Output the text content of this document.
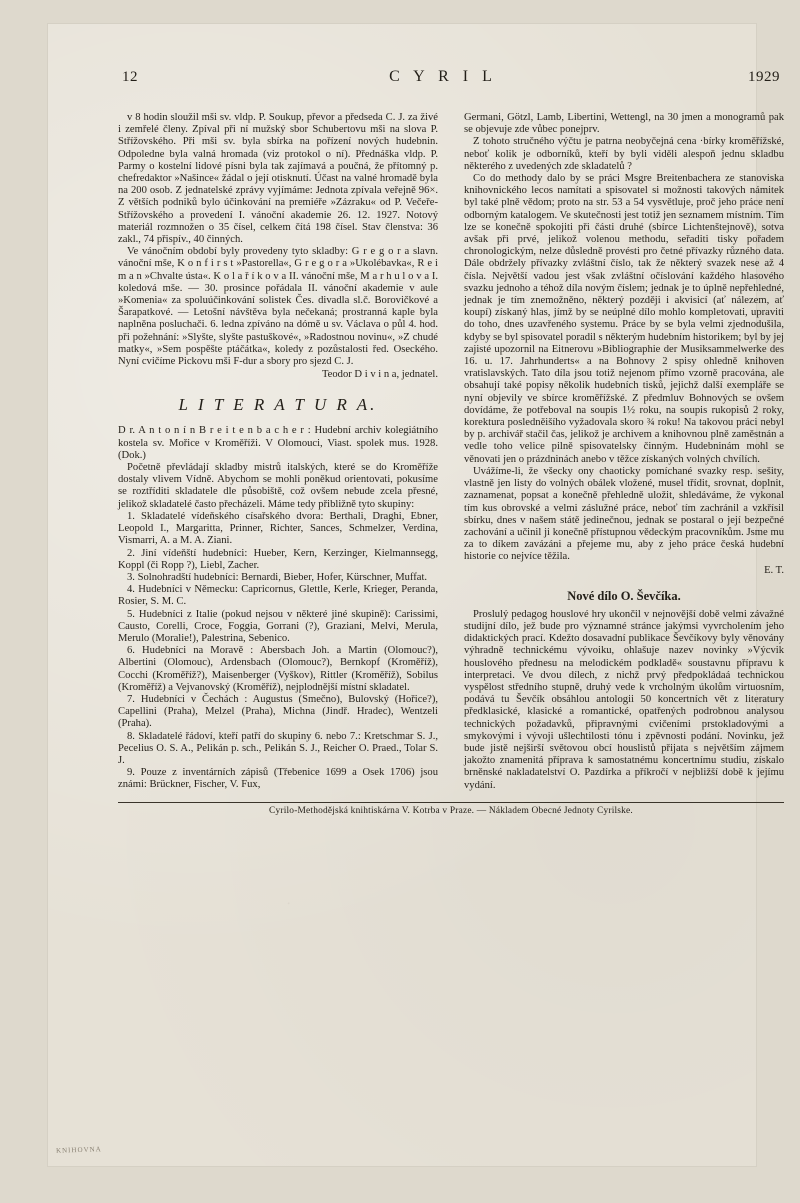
12	C Y R I L	1929

v 8 hodin sloužil mši sv. vldp. P. Soukup, převor a předsedа C. J. za živé i zemřelé členy. Zpíval při ní mužský sbor Schubertovu mši na slova P. Střížovského. Při mši sv. byla sbírka na pořízení nových hudebnin. Odpoledne byla valná hromada (viz protokol o ní). Přednáška vldp. P. Parmy o kostelní lidové písni byla tak zajímavá a poučná, že přítomný p. chefredaktor »Našince« žádal o její otisknutí. Účast na valné hromadě byla na 200 osob. Z jednatelské zprávy vyjímáme: Jednota zpívala veřejně 96×. Z větších podniků bylo účinkování na premiéře »Zázraku« od P. Večeře-Střížovského a provedení I. vánoční akademie 26. 12. 1927. Notový materiál rozmnožen o 35 čísel, celkem čítá 198 čísel. Stav členstva: 36 zakl., 74 přispív., 40 činných.

Ve vánočním období byly provedeny tyto skladby: G r e g o r a slavn. vánoční mše, K o n f i r s t »Pastorella«, G r e g o r a »Ukolébavka«, R e i m a n »Chvalte ústa«. K o l a ř í k o v a II. vánoční mše, M a r h u l o v a I. koledová mše. — 30. prosince pořádala II. vánoční akademie v aule »Komenia« za spoluúčinkování solistek Čes. divadla sl.č. Borovičkové a Šarapatkové. — Letošní návštěva byla nečekaná; prostranná kaple byla naplněna posluchači. 6. ledna zpíváno na dómě u sv. Václava o půl 4. hod. při požehnání: »Slyšte, slyšte pastuškové«, »Radostnou novinu«, »Z chudé matky«, »Sem pospěšte ptáčátka«, koledy z pozůstalosti řed. Oseckého. Nyní cvičíme Pickovu mši F-dur a sbory pro sjezd C. J.

Teodor D i v i n a, jednatel.

L I T E R A T U R A.

D r. A n t o n í n B r e i t e n b a c h e r : Hudební archiv kolegiátního kostela sv. Mořice v Kroměříži. V Olomouci, Viast. spolek mus. 1928. (Dok.)

Početně převládají skladby mistrů italských, které se do Kroměříže dostaly vlivem Vídně. Abychom se mohli poněkud orientovati, pokusíme se roztříditi skladatele dle působiště, což ovšem nebude zcela přesné, jelikož skladatelé často přecházeli. Máme tedy přibližně tyto skupiny:

1. Skladatelé vídeňského císařského dvora: Berthali, Draghi, Ebner, Leopold I., Margaritta, Prinner, Richter, Sances, Schmelzer, Verdina, Vismarri, A. a M. A. Ziani.

2. Jiní vídeňští hudebníci: Hueber, Kern, Kerzinger, Kielmannsegg, Koppl (či Ropp ?), Liebl, Zacher.

3. Solnohradští hudebníci: Bernardi, Bieber, Hofer, Kürschner, Muffat.

4. Hudebníci v Německu: Capricornus, Glettle, Kerle, Krieger, Peranda, Rosier, S. M. C.

5. Hudebníci z Italie (pokud nejsou v některé jiné skupině): Carissimi, Causto, Corelli, Croce, Foggia, Gorrani (?), Graziani, Melvi, Merula, Merulo (Moralie!), Palestrina, Sebenico.

6. Hudebníci na Moravě : Abersbach Joh. a Martin (Olomouc?), Albertini (Olomouc), Ardensbach (Olomouc?), Bernkopf (Kroměříž), Cocchi (Kroměříž?), Maisenberger (Vyškov), Rittler (Kroměříž), Sobilus (Kroměříž) a Vejvanovský (Kroměříž), nejplodnější místní skladatel.

7. Hudebníci v Čechách : Augustus (Smečno), Bulovský (Hořice?), Capellini (Praha), Melzel (Praha), Michna (Jindř. Hradec), Wentzeli (Praha).

8. Skladatelé řádoví, kteří patří do skupiny 6. nebo 7.: Kretschmar S. J., Pecelius O. S. A., Pelikán p. sch., Pelikán S. J., Reicher O. Praed., Tolar S. J.

9. Pouze z inventárních zápisů (Třebenice 1699 a Osek 1706) jsou známi: Brückner, Fischer, V. Fux,

Germani, Götzl, Lamb, Libertini, Wettengl, na 30 jmen a monogramů pak se objevuje zde vůbec ponejprv.

Z tohoto stručného výčtu je patrna neobyčejná cena ·bírky kroměřížské, neboť kolik je odborníků, kteří by byli viděli alespoň jednu skladbu některého z uvedených zde skladatelů ?

Co do methody dalo by se práci Msgre Breitenbachera ze stanoviska knihovnického lecos namítati a spisovatel si možnosti takových námitek byl také plně vědom; proto na str. 53 a 54 vysvětluje, proč jeho práce není odborným katalogem. Ve skutečnosti jest totiž jen seznamem místním. Tím lze se konečně spokojiti při části druhé (sbírce Lichtenštejnově), sotva avšak při prvé, jelikož volenou methodu, seřaditi tisky pořadem chronologickým, nelze důsledně provésti pro četné přívazky různého data. Dále obdržely přívazky zvláštní číslo, tak že některý svazek nese až 4 čísla. Největší vadou jest však zvláštní očíslování každého hlasového svazku jednoho a téhož díla novým číslem; jednak je to úplně nepřehledné, jednak je tím znemožněno, některý později i akvisicí (ať nálezem, ať koupí) získaný hlas, jímž by se neúplné dílo mohlo kompletovati, upraviti do toho, dnes uzavřeného systemu. Práce by se byla velmi zjednodušila, kdyby se byl spisovatel poradil s některým hudebním historikem; byl by jej zajisté upozornil na Eitnerovu »Bibliographie der Musiksammelwerke des 16. u. 17. Jahrhunderts« a na Bohnovy 2 spisy ohledně knihoven vratislavských. Tato díla jsou totiž nejenom přímo vzorně pracována, ale obsahují také popisy několik hudebních tisků, jejichž další exempláře se nyní objevily ve sbírce kroměřížské. Z předmluv Bohnových se ovšem dovídáme, že potřeboval na soupis 1½ roku, na soupis rukopisů 2 roky, korektura posledněišího vyžadovala skoro ¾ roku! Na takovou práci nebyl by p. archivář stačil čas, jelikož je archivem a knihovnou plně zaměstnán a vedle toho velice pilně spisovatelsky činným. Hudebninám mohl se věnovati jen o prázdninách anebo v těžce získaných volných chvílích.

Uvážíme-li, že všecky ony chaoticky pomíchané svazky resp. sešity, vlastně jen listy do volných obálek vložené, musel třídit, srovnat, doplnit, zaznamenat, popsat a konečně přehledně uložit, shledáváme, že vykonal tím kus obrovské a velmi záslužné práce, neboť tím zachránil a vzkřísil sbírku, dnes v našem státě jedinečnou, jednak se postaral o její bezpečné zachování a učinil ji konečně přístupnou vědeckým pracovníkům. Jsme mu za to díkem zavázáni a přejeme mu, aby z jeho práce česká hudební historie co nejvíce těžila.

E. T.

Nové dílo O. Ševčíka.

Proslulý pedagog houslové hry ukončil v nejnovější době velmi závažné studijní dílo, jež bude pro významné stránce jakýmsi vyvrcholením jeho didaktických prací. Kdežto dosavadní publikace Ševčíkovy byly věnovány výhradně technickému vývoiku, ohlašuje nazev novinky »Výcvik houslového přednesu na melodickém podkladě« soustavnu přípravu k interpretaci. Ve dvou dílech, z nichž prvý předpokládaá technickou vyspělost středního stupně, druhý vede k vrcholným úkolům virtuosním, podává tu Ševčík obsáhlou antologii 50 koncertních vět z literatury předklasické, klasické a romantické, opatřených podrobnou analysou technických požadavků, připravnými cvičeními prstokladovými a smykovými i vývoji ušlechtilosti tónu i zpěvnosti podání. Novinku, jež bude jistě nejširší světovou obcí houslistů přijata s největším zájmem jakožto znamenitá příprava k samostatnému koncertnímu studiu, získalo brněnské nakladatelství O. Pazdírka a příkročí v nejbližší době k jejímu vydání.

Cyrilo-Methodějská knihtiskárna V. Kotrba v Praze. — Nákladem Obecné Jednoty Cyrilske.
KNIHOVNA
